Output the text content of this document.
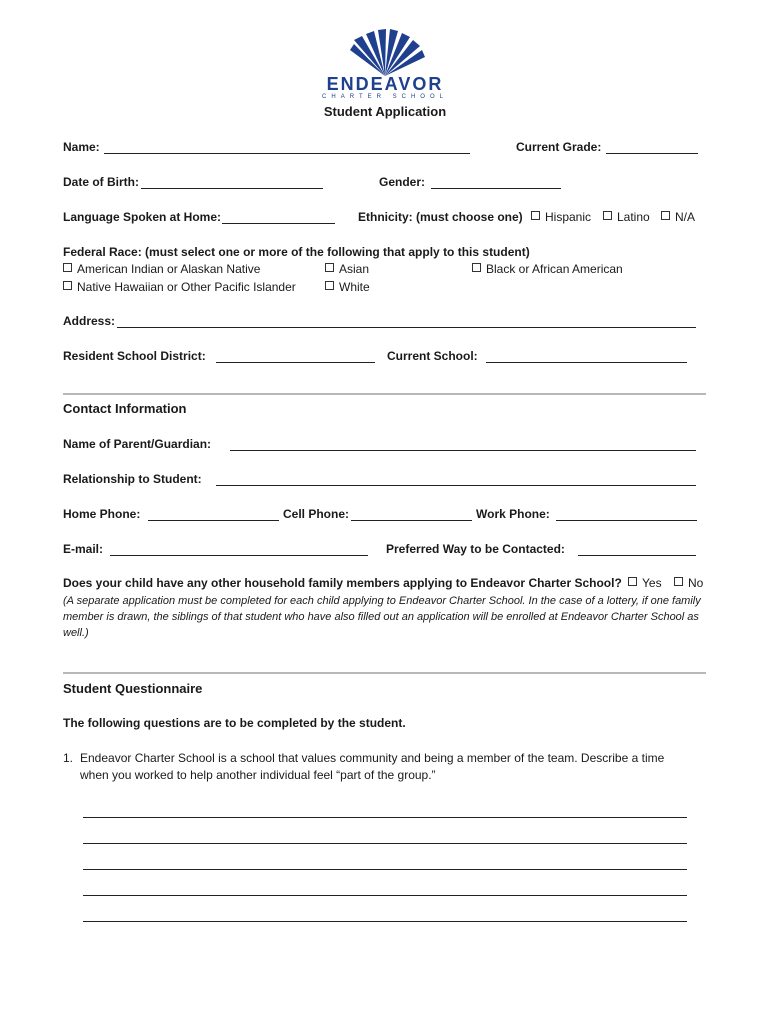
ENDEAVOR
CHARTER SCHOOL
Student Application
Name:	Current Grade:
Date of Birth:	Gender:
Language Spoken at Home:	Ethnicity: (must choose one)	Hispanic	Latino	N/A
Federal Race: (must select one or more of the following that apply to this student)
American Indian or Alaskan Native	Asian	Black or African American
Native Hawaiian or Other Pacific Islander	White
Address:
Resident School District:	Current School:
Contact Information
Name of Parent/Guardian:
Relationship to Student:
Home Phone:	Cell Phone:	Work Phone:
E-mail:	Preferred Way to be Contacted:
Does your child have any other household family members applying to Endeavor Charter School?	Yes	No
(A separate application must be completed for each child applying to Endeavor Charter School. In the case of a lottery, if one family member is drawn, the siblings of that student who have also filled out an application will be enrolled at Endeavor Charter School as well.)
Student Questionnaire
The following questions are to be completed by the student.
1. Endeavor Charter School is a school that values community and being a member of the team. Describe a time
when you worked to help another individual feel “part of the group.”
